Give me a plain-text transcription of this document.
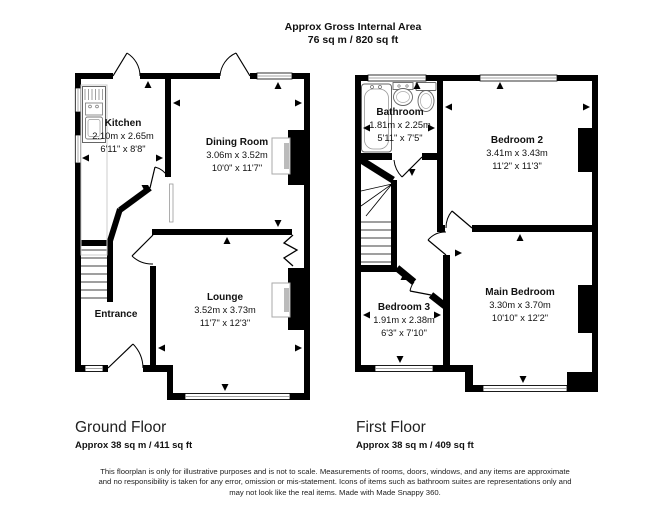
Approx Gross Internal Area
76 sq m / 820 sq ft
Kitchen
2.10m x 2.65m
6'11" x 8'8"
Dining Room
3.06m x 3.52m
10'0" x 11'7"
Lounge
3.52m x 3.73m
11'7" x 12'3"
Entrance
Bathroom
1.81m x 2.25m
5'11" x 7'5"	Bedroom 2
3.41m x 3.43m
11'2" x 11'3"
Bedroom 3
1.91m x 2.38m
6'3" x 7'10"
Main Bedroom
3.30m x 3.70m
10'10" x 12'2"
Ground Floor
Approx 38 sq m / 411 sq ft
First Floor
Approx 38 sq m / 409 sq ft
This floorplan is only for illustrative purposes and is not to scale. Measurements of rooms, doors, windows, and any items are approximate
and no responsibility is taken for any error, omission or mis-statement. Icons of items such as bathroom suites are representations only and
may not look like the real items. Made with Made Snappy 360.
